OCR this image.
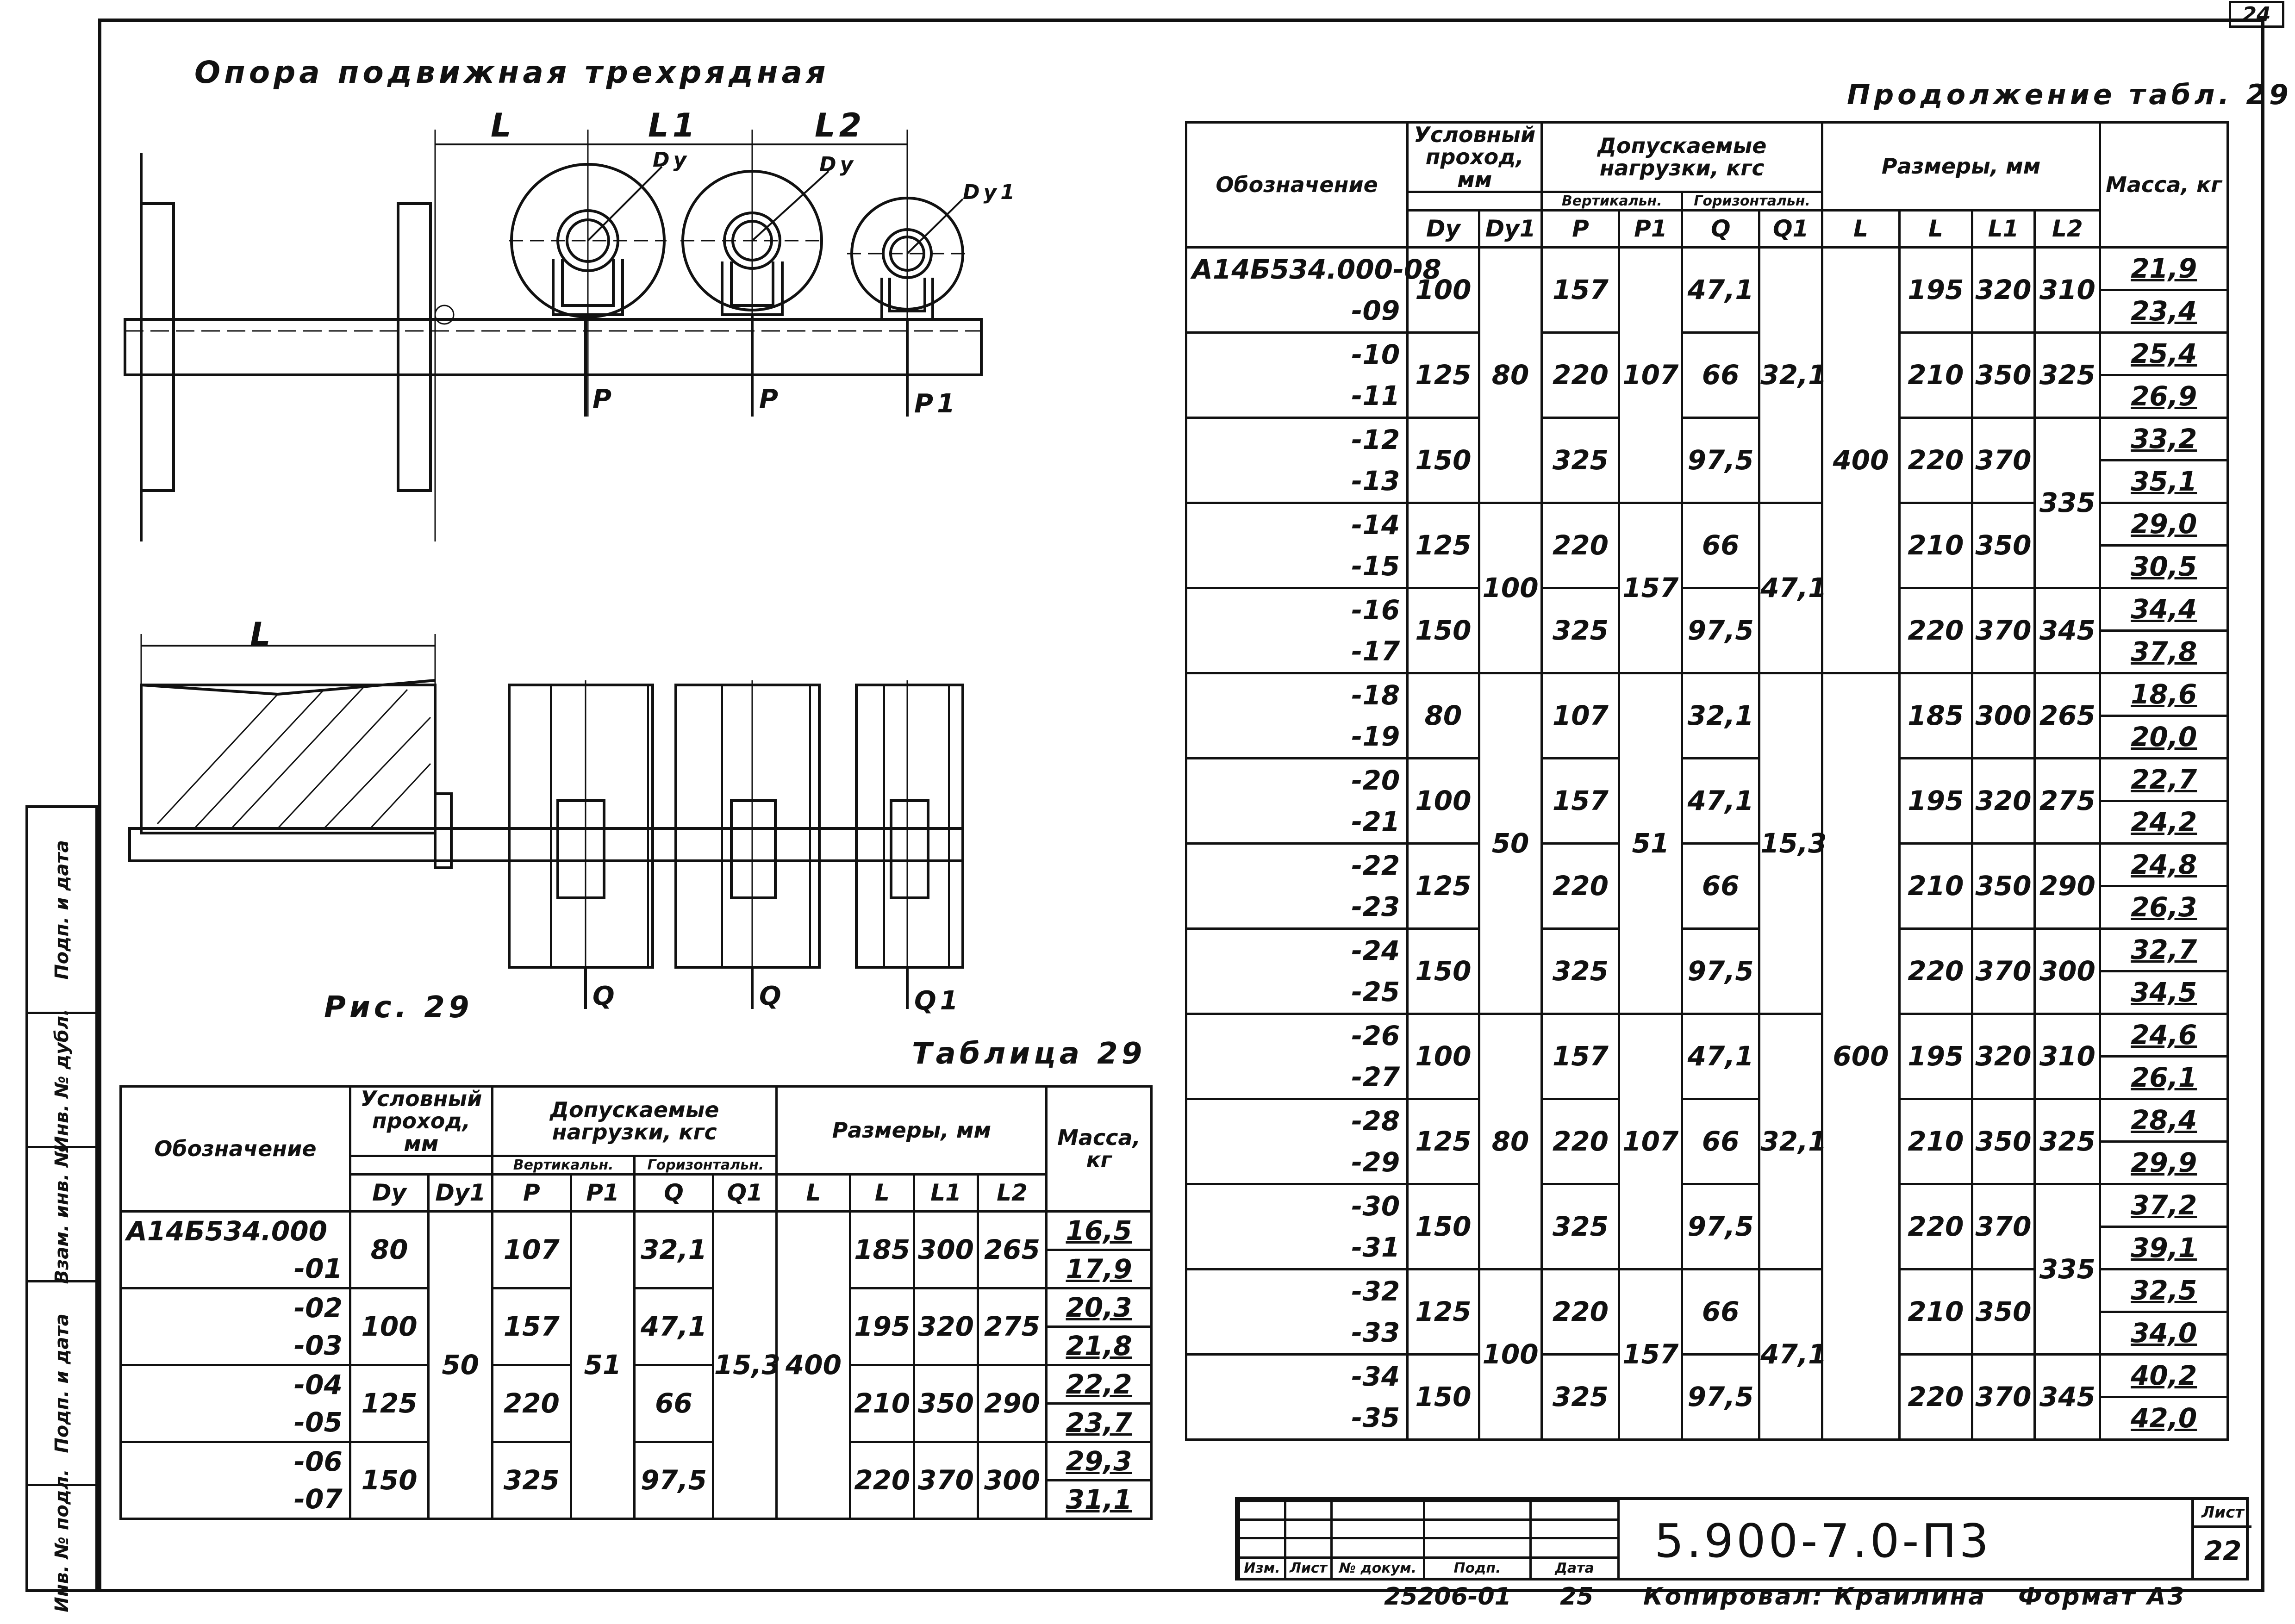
24
Подп. и дата
Инв. № дубл.
Взам. инв. №
Подп. и дата
Инв. № подл.
Опора подвижная трехрядная
L	L1	L2
Dy	Dy
Dy1
P	P	P1
L
Q	Q	Q1
Рис. 29
Таблица 29
Продолжение табл. 29
Обозначение	Условный проход, мм		Допускаемые нагрузки, кгс				Размеры, мм				Масса, кг
			Вертикальн.		Горизонтальн.						
	Dy	Dy1	P	P1	Q	Q1	L	L	L1	L2	
А14Б534.000	80	50	107	51	32,1	15,3	400	185	300	265	16,5
-01											17,9
-02	100		157		47,1			195	320	275	20,3
-03											21,8
-04	125		220		66			210	350	290	22,2
-05											23,7
-06	150		325		97,5			220	370	300	29,3
-07											31,1
Обозначение	Условный проход, мм		Допускаемые нагрузки, кгс				Размеры, мм				Масса, кг
			Вертикальн.		Горизонтальн.						
	Dy	Dy1	P	P1	Q	Q1	L	L	L1	L2	
А14Б534.000-08	100	80	157	107	47,1	32,1	400	195	320	310	21,9
-09											23,4
-10	125		220		66			210	350	325	25,4
-11											26,9
-12	150		325		97,5			220	370	335	33,2
-13											35,1
-14	125	100	220	157	66	47,1		210	350		29,0
-15											30,5
-16	150		325		97,5			220	370	345	34,4
-17											37,8
-18	80	50	107	51	32,1	15,3	600	185	300	265	18,6
-19											20,0
-20	100		157		47,1			195	320	275	22,7
-21											24,2
-22	125		220		66			210	350	290	24,8
-23											26,3
-24	150		325		97,5			220	370	300	32,7
-25											34,5
-26	100	80	157	107	47,1	32,1		195	320	310	24,6
-27											26,1
-28	125		220		66			210	350	325	28,4
-29											29,9
-30	150		325		97,5			220	370	335	37,2
-31											39,1
-32	125	100	220	157	66	47,1		210	350		32,5
-33											34,0
-34	150		325		97,5			220	370	345	40,2
-35											42,0

Изм.	Лист	№ докум.	Подп.	Дата
5.900-7.0-П3
Лист
22
25206-01 25 Копировал: Краилина Формат А3
